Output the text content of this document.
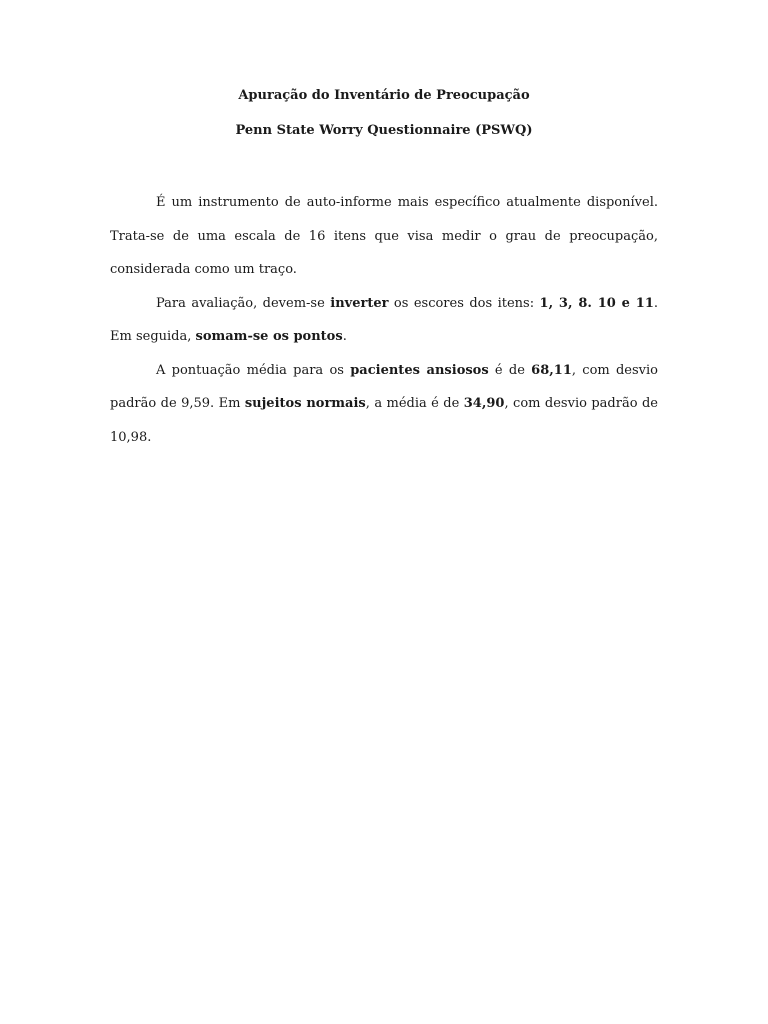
Apuração do Inventário de Preocupação

Penn State Worry Questionnaire (PSWQ)

É um instrumento de auto-informe mais específico atualmente disponível. Trata-se de uma escala de 16 itens que visa medir o grau de preocupação, considerada como um traço.

Para avaliação, devem-se inverter os escores dos itens: 1, 3, 8. 10 e 11. Em seguida, somam-se os pontos.

A pontuação média para os pacientes ansiosos é de 68,11, com desvio padrão de 9,59. Em sujeitos normais, a média é de 34,90, com desvio padrão de 10,98.
